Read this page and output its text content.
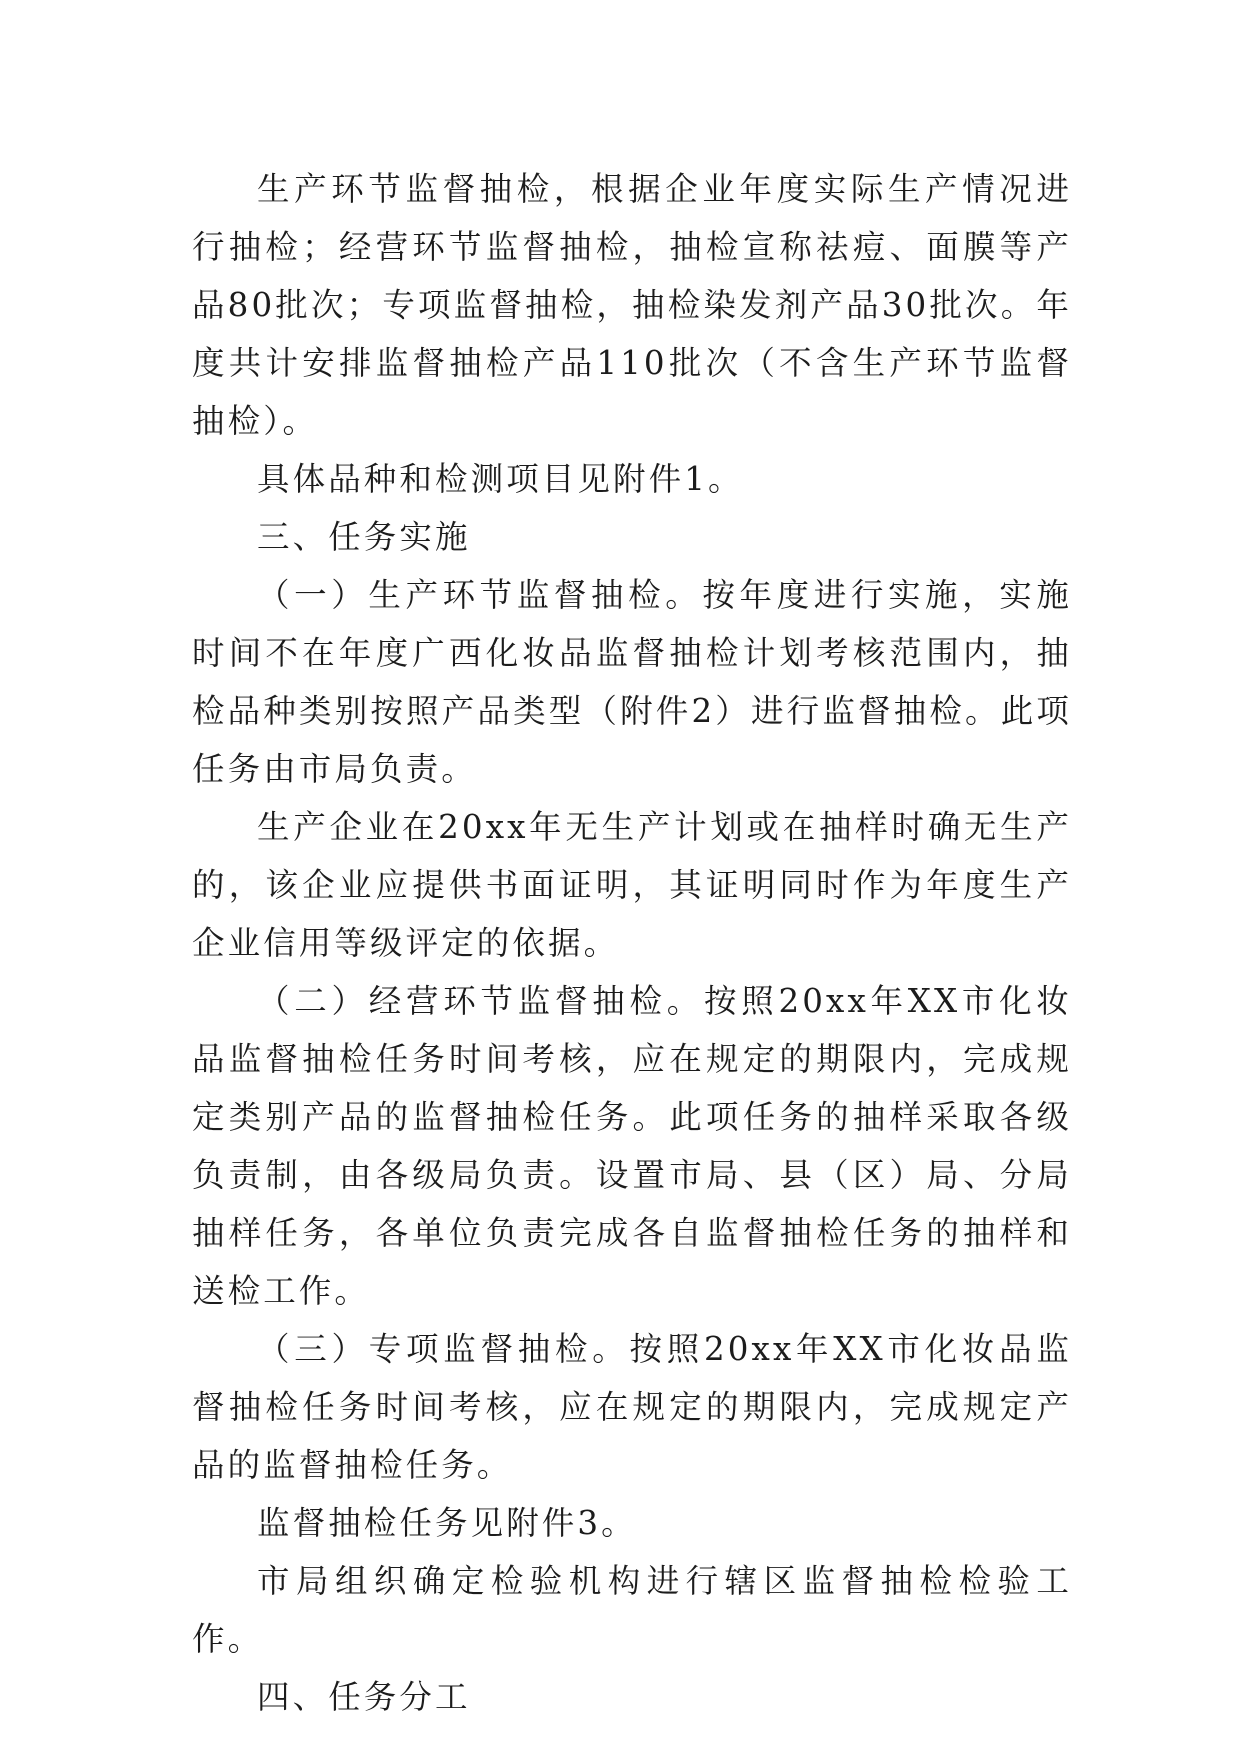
生产环节监督抽检，根据企业年度实际生产情况进行抽检；经营环节监督抽检，抽检宣称祛痘、面膜等产品80批次；专项监督抽检，抽检染发剂产品30批次。年度共计安排监督抽检产品110批次（不含生产环节监督抽检）。

具体品种和检测项目见附件1。

三、任务实施

（一）生产环节监督抽检。按年度进行实施，实施时间不在年度广西化妆品监督抽检计划考核范围内，抽检品种类别按照产品类型（附件2）进行监督抽检。此项任务由市局负责。

生产企业在20xx年无生产计划或在抽样时确无生产的，该企业应提供书面证明，其证明同时作为年度生产企业信用等级评定的依据。

（二）经营环节监督抽检。按照20xx年XX市化妆品监督抽检任务时间考核，应在规定的期限内，完成规定类别产品的监督抽检任务。此项任务的抽样采取各级负责制，由各级局负责。设置市局、县（区）局、分局抽样任务，各单位负责完成各自监督抽检任务的抽样和送检工作。

（三）专项监督抽检。按照20xx年XX市化妆品监督抽检任务时间考核，应在规定的期限内，完成规定产品的监督抽检任务。

监督抽检任务见附件3。

市局组织确定检验机构进行辖区监督抽检检验工作。

四、任务分工
